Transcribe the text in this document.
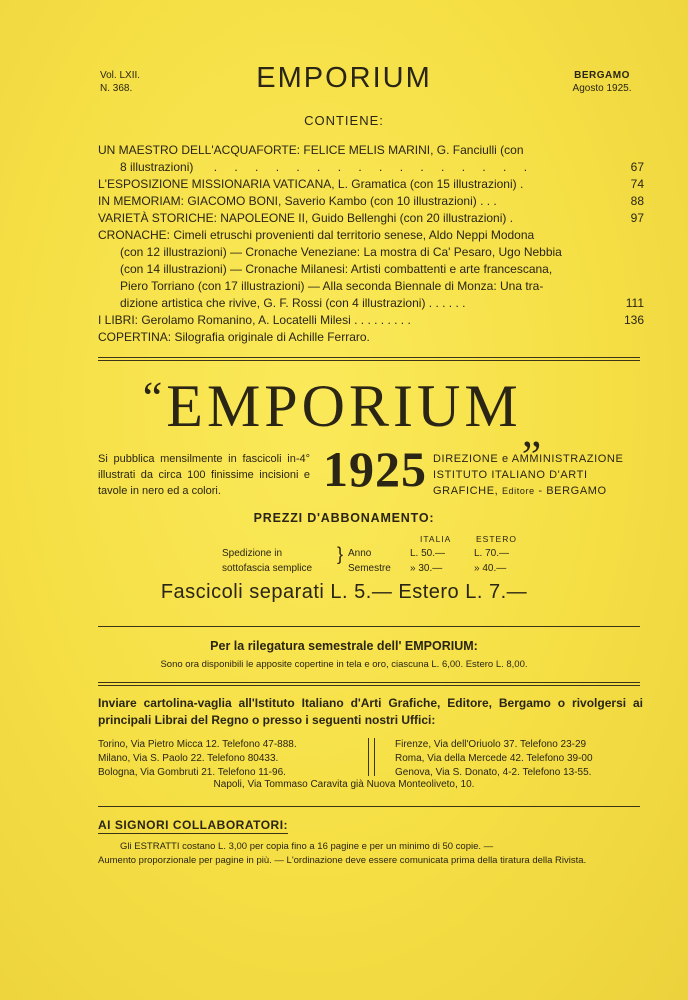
Vol. LXII.
N. 368.	EMPORIUM	BERGAMO
Agosto 1925.
CONTIENE:
UN MAESTRO DELL'ACQUAFORTE: FELICE MELIS MARINI, G. Fanciulli (con
8 illustrazioni) . . . . . . . . . . . . . . . .	67
L'ESPOSIZIONE MISSIONARIA VATICANA, L. Gramatica (con 15 illustrazioni) .	74
IN MEMORIAM: GIACOMO BONI, Saverio Kambo (con 10 illustrazioni) . . .	88
VARIETÀ STORICHE: NAPOLEONE II, Guido Bellenghi (con 20 illustrazioni) .	97
CRONACHE: Cimeli etruschi provenienti dal territorio senese, Aldo Neppi Modona
(con 12 illustrazioni) — Cronache Veneziane: La mostra di Ca' Pesaro, Ugo Nebbia
(con 14 illustrazioni) — Cronache Milanesi: Artisti combattenti e arte francescana,
Piero Torriano (con 17 illustrazioni) — Alla seconda Biennale di Monza: Una tra-
dizione artistica che rivive, G. F. Rossi (con 4 illustrazioni) . . . . . .	111
I LIBRI: Gerolamo Romanino, A. Locatelli Milesi . . . . . . . . .	136
COPERTINA: Silografia originale di Achille Ferraro.
$^“EMPORIUM_„$
Si pubblica mensilmente in fascicoli in-4° illustrati da circa 100 finissime incisioni e tavole in nero ed a colori.	1925 DIREZIONE e AMMINISTRAZIONE
ISTITUTO ITALIANO D'ARTI
GRAFICHE, Editore - BERGAMO
PREZZI D'ABBONAMENTO:
ITALIA	ESTERO
Spedizione in
sottofascia semplice
} Anno	L. 50.—	L. 70.—
Semestre » 30.—	» 40.—
Fascicoli separati L. 5.— Estero L. 7.—
Per la rilegatura semestrale dell' EMPORIUM:
Sono ora disponibili le apposite copertine in tela e oro, ciascuna L. 6,00. Estero L. 8,00.
Inviare cartolina-vaglia all'Istituto Italiano d'Arti Grafiche, Editore, Bergamo o rivolgersi ai principali Librai del Regno o presso i seguenti nostri Uffici:
Torino, Via Pietro Micca 12. Telefono 47-888.
Milano, Via S. Paolo 22. Telefono 80433.
Bologna, Via Gombruti 21. Telefono 11-96.
Firenze, Via dell'Oriuolo 37. Telefono 23-29
Roma, Via della Mercede 42. Telefono 39-00
Genova, Via S. Donato, 4-2. Telefono 13-55.
Napoli, Via Tommaso Caravita già Nuova Monteoliveto, 10.
AI SIGNORI COLLABORATORI:
Gli ESTRATTI costano L. 3,00 per copia fino a 16 pagine e per un minimo di 50 copie. —
Aumento proporzionale per pagine in più. — L'ordinazione deve essere comunicata prima della tiratura della Rivista.
